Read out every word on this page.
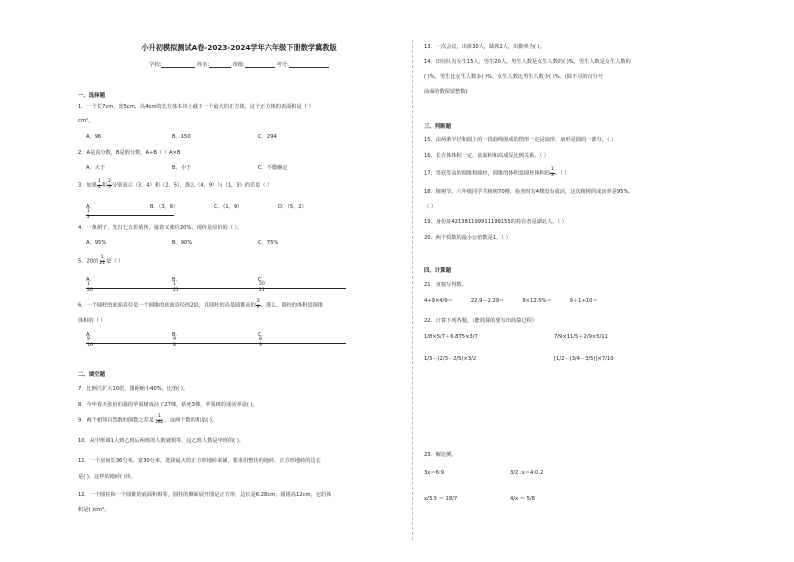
小升初模拟测试A卷-2023-2024学年六年级下册数学冀教版
学校:	姓名:	班级:	考号:
一、选择题
1．一个长7cm，宽5cm，高4cm的长方体木块上截下一个最大的正方体，这个正方体的表面积是（ ）
cm²。
A．96	B．150	C．294
2．A是真分数，B是假分数，A÷B（ ）A×B
A．大于	B．小于	C．不能确定
3．如果 $\frac{1}{4}$ 和 $\frac{2}{5}$ 分别表示（3，4）和（2，5），那么（4，9）与（1，3）的差是（ ）
A．$\frac{1}{2}$
B．（3，6）	C．（1，9）	D．（5，2）
4．一条裙子，先打七五折销售，接着又涨价20%，现价是原价的（ ）。
A．95%	B．90%	C．75%
5．20的 $\frac{1}{21}$ 是（ ）
A．$\frac{1}{20}$
B．$\frac{1}{21}$
C．$\frac{20}{21}$
6．一个圆柱的底面直径是一个圆锥的底面直径的2倍，且圆柱的高是圆锥高的 $\frac{3}{4}$ ，那么，圆柱的体积是圆锥
体积的（ ）
A．$\frac{9}{16}$
B．$\frac{9}{8}$
C．$\frac{8}{9}$
二、填空题
7．比例尺扩大10倍，图距缩小40%，比值( )。
8．今年春天张伯伯栽的苹果树成活了27棵，枯死3棵，苹果树的成活率是( )。
9．两个相邻自然数的倒数之差是 $\frac{1}{182}$ ，这两个数的和是( )。
10．从甲班调1人到乙班后两班的人数就相等，这乙班人数是甲班的( )。
11．一个房间长36分米，宽30分米，选择最大的正方形地砖来铺，要求用整块的地砖，正方形地砖的边长
是( )，这样的地砖( )块。
12．一个圆柱和一个圆锥的底面积相等。圆柱的侧面展开图是正方形，边长是6.28cm，圆锥高12cm，它的体
积是( )cm³。
13．一次会议，出席30人，缺席2人，出勤率为( )。
14．田径队有女生15人，男生20人，男生人数是女生人数的( )%，男生人数是女生人数的
( )%，男生比女生人数多( )%，女生人数比男生人数少( )%。(除不尽的百分号
前面的数保留整数)
三、判断题
15．由两条半径和圆上的一段曲线围成的图形一定是扇形，扇形是圆的一部分。（ ）
16．长方体体积一定，底面积和高成反比例关系。（ ）
17．等底等高的圆锥和圆柱，圆锥的体积是圆柱体积的 $\frac{1}{3}$ 。（ ）
18．植树节，六年级同学共植树70棵，检查时有4棵没有成活，这次植树的成活率是95%。
（ ）
19．身份证421381199911199155的持有者是湖北人。（ ）
20．两个质数的最小公倍数是1。（ ）
四、计算题
21．直接写得数。
4÷9×4/9＝	22.9－2.29＝	8×12.5%＝	9＋1÷10＝
22．计算下列各题。（能简算的要写出简算过程）
1/8×5/7＋6.875×3/7	7/9×11/5＋2/9×5/11
1/3－(2/3－2/5)×3/2	[1/2－(3/4－3/5)]×7/10
23．解比例。
3x＝6:9	3/2 :x＝4:0.2
x/3.5 ＝ 18/7	4/x ＝ 5/8
